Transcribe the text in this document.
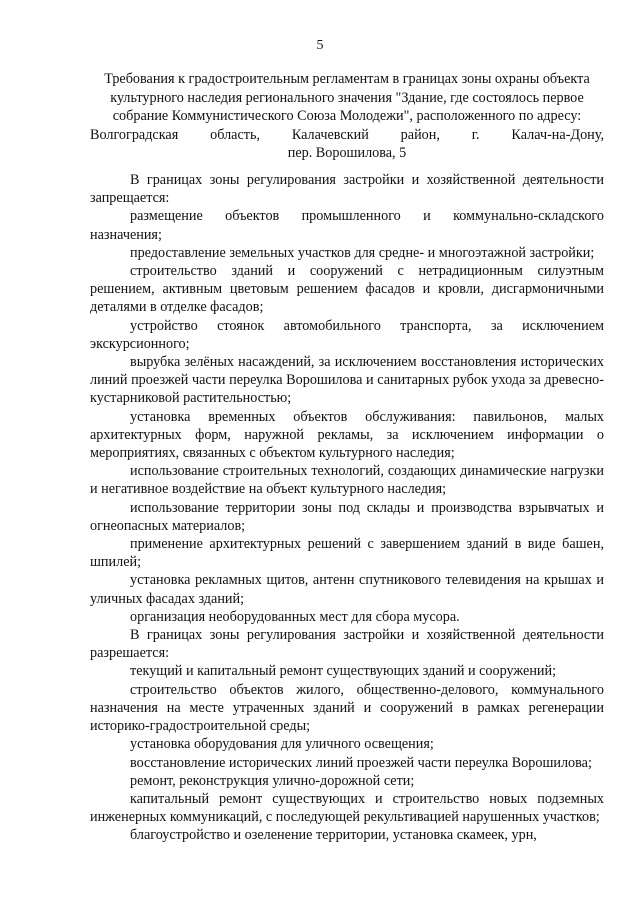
5
Требования к градостроительным регламентам в границах зоны охраны объекта
культурного наследия регионального значения "Здание, где состоялось первое
собрание Коммунистического Союза Молодежи", расположенного по адресу:
Волгоградская область, Калачевский район, г. Калач-на-Дону,
пер. Ворошилова, 5

В границах зоны регулирования застройки и хозяйственной деятельности запрещается:

размещение объектов промышленного и коммунально-складского назначения;

предоставление земельных участков для средне- и многоэтажной застройки;

строительство зданий и сооружений с нетрадиционным силуэтным решением, активным цветовым решением фасадов и кровли, дисгармоничными деталями в отделке фасадов;

устройство стоянок автомобильного транспорта, за исключением экскурсионного;

вырубка зелёных насаждений, за исключением восстановления исторических линий проезжей части переулка Ворошилова и санитарных рубок ухода за древесно-кустарниковой растительностью;

установка временных объектов обслуживания: павильонов, малых архитектурных форм, наружной рекламы, за исключением информации о мероприятиях, связанных с объектом культурного наследия;

использование строительных технологий, создающих динамические нагрузки и негативное воздействие на объект культурного наследия;

использование территории зоны под склады и производства взрывчатых и огнеопасных материалов;

применение архитектурных решений с завершением зданий в виде башен, шпилей;

установка рекламных щитов, антенн спутникового телевидения на крышах и уличных фасадах зданий;

организация необорудованных мест для сбора мусора.

В границах зоны регулирования застройки и хозяйственной деятельности разрешается:

текущий и капитальный ремонт существующих зданий и сооружений;

строительство объектов жилого, общественно-делового, коммунального назначения на месте утраченных зданий и сооружений в рамках регенерации историко-градостроительной среды;

установка оборудования для уличного освещения;

восстановление исторических линий проезжей части переулка Ворошилова;

ремонт, реконструкция улично-дорожной сети;

капитальный ремонт существующих и строительство новых подземных инженерных коммуникаций, с последующей рекультивацией нарушенных участков;

благоустройство и озеленение территории, установка скамеек, урн,
